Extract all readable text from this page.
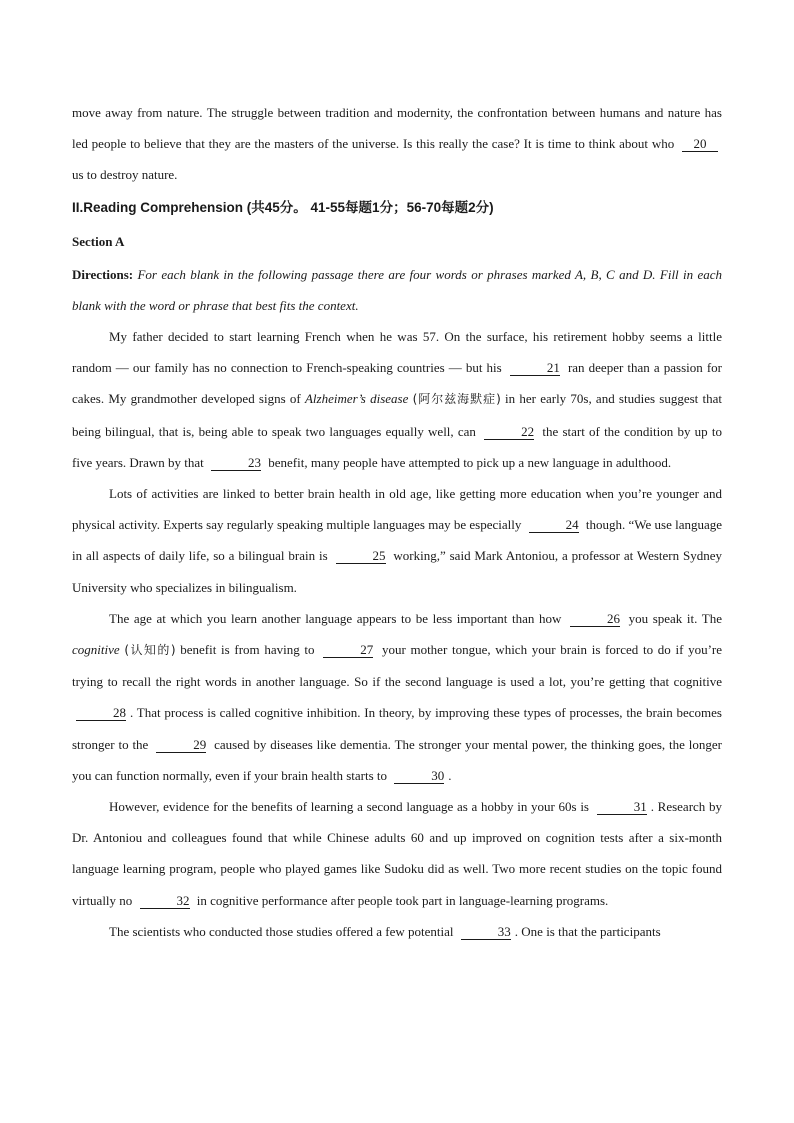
move away from nature. The struggle between tradition and modernity, the confrontation between humans and nature has led people to believe that they are the masters of the universe. Is this really the case? It is time to think about who 20 us to destroy nature.

II.Reading Comprehension (共45分。 41-55每题1分；56-70每题2分)

Section A

Directions: For each blank in the following passage there are four words or phrases marked A, B, C and D. Fill in each blank with the word or phrase that best fits the context.

My father decided to start learning French when he was 57. On the surface, his retirement hobby seems a little random — our family has no connection to French-speaking countries — but his	21 ran deeper than a passion for cakes. My grandmother developed signs of Alzheimer’s disease (阿尔兹海默症) in her early 70s, and studies suggest that being bilingual, that is, being able to speak two languages equally well, can	22 the start of the condition by up to five years. Drawn by that	23 benefit, many people have attempted to pick up a new language in adulthood.

Lots of activities are linked to better brain health in old age, like getting more education when you’re younger and physical activity. Experts say regularly speaking multiple languages may be especially	24 though. “We use language in all aspects of daily life, so a bilingual brain is	25 working,” said Mark Antoniou, a professor at Western Sydney University who specializes in bilingualism.

The age at which you learn another language appears to be less important than how	26 you speak it. The cognitive (认知的) benefit is from having to	27 your mother tongue, which your brain is forced to do if you’re trying to recall the right words in another language. So if the second language is used a lot, you’re getting that cognitive 28 . That process is called cognitive inhibition. In theory, by improving these types of processes, the brain becomes stronger to the	29 caused by diseases like dementia. The stronger your mental power, the thinking goes, the longer you can function normally, even if your brain health starts to	30 .

However, evidence for the benefits of learning a second language as a hobby in your 60s is	31 . Research by Dr. Antoniou and colleagues found that while Chinese adults 60 and up improved on cognition tests after a six-month language learning program, people who played games like Sudoku did as well. Two more recent studies on the topic found virtually no	32 in cognitive performance after people took part in language-learning programs.

The scientists who conducted those studies offered a few potential	33 . One is that the participants
